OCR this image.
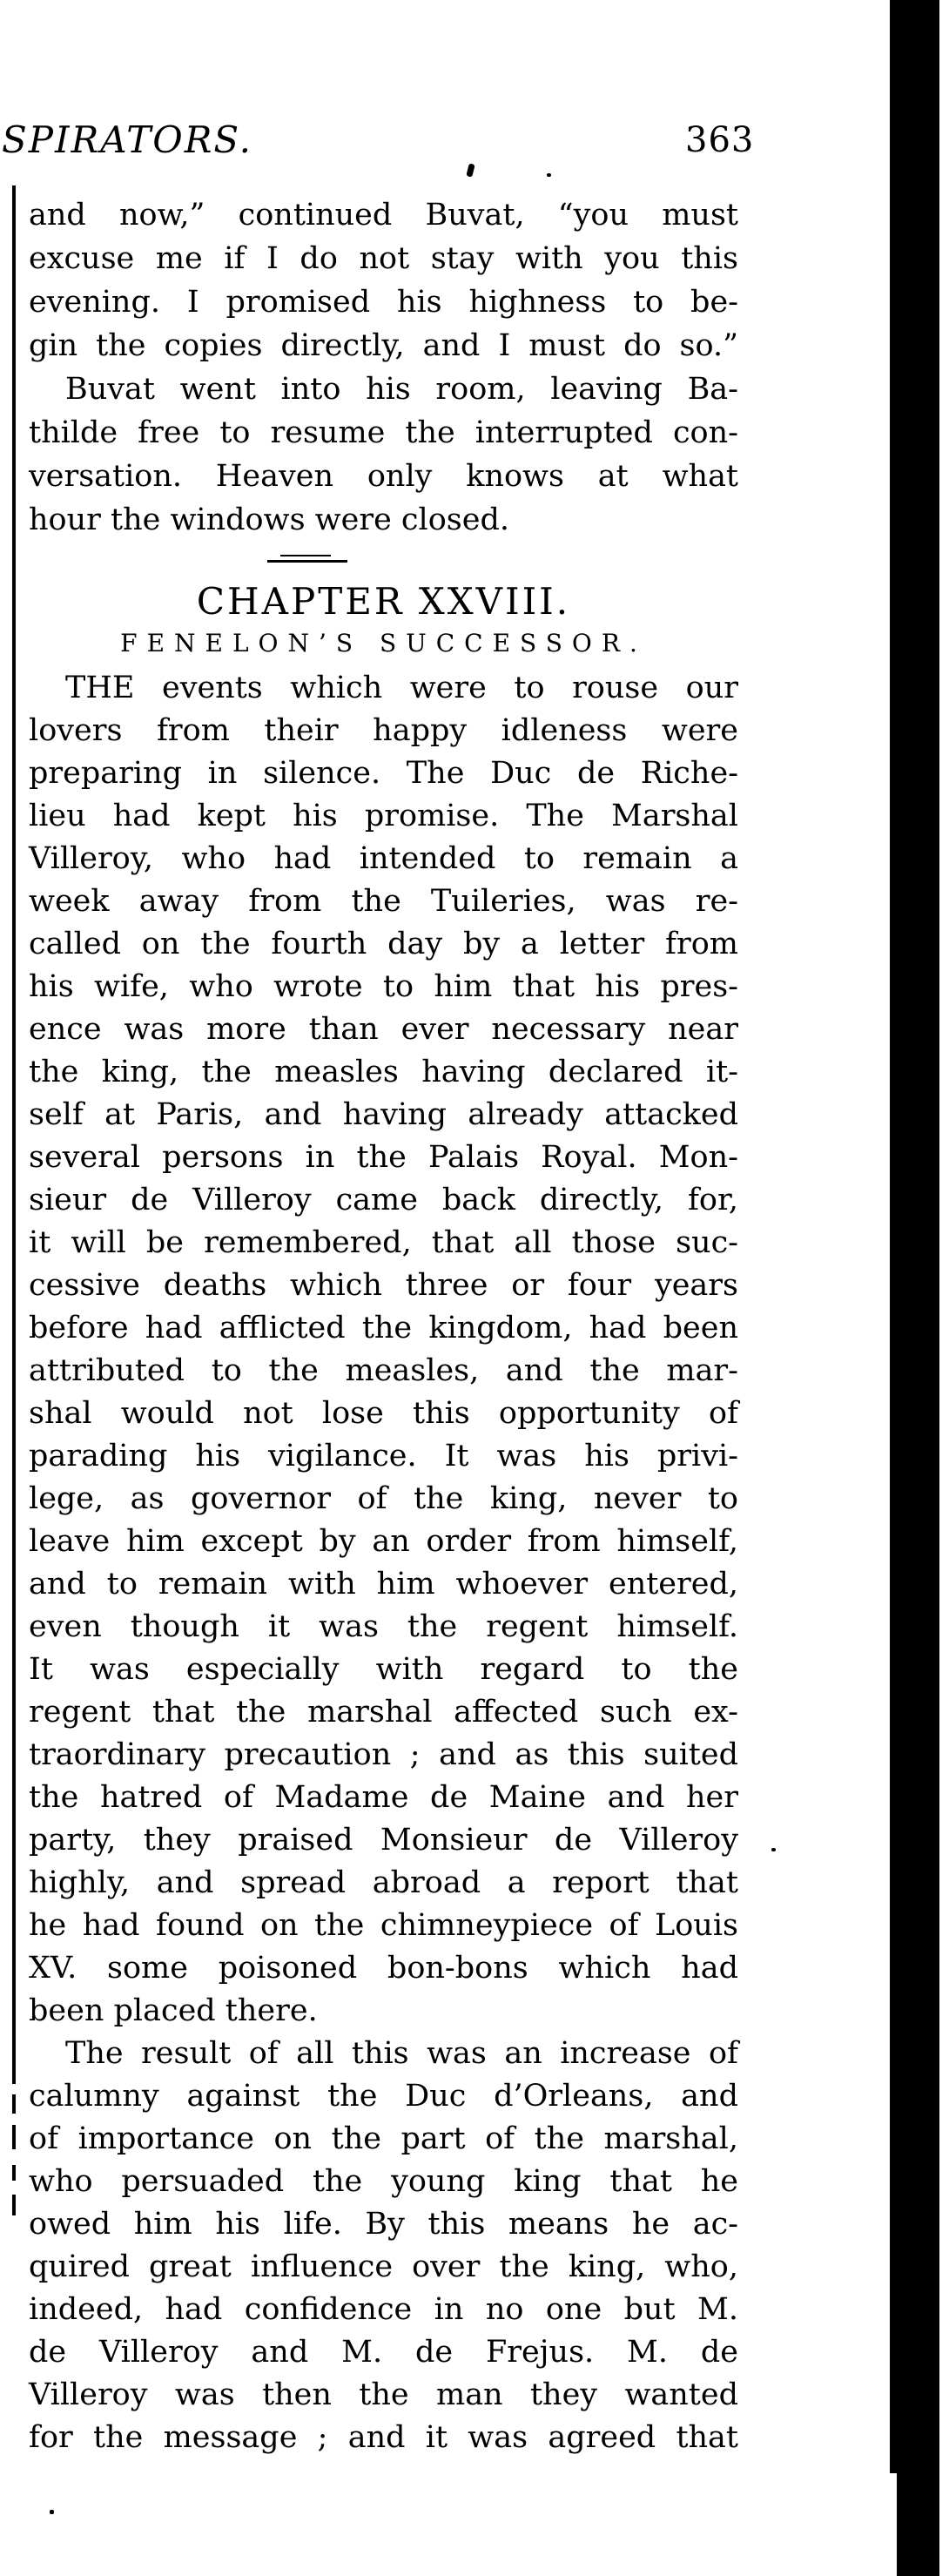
SPIRATORS.	363
and now,” continued Buvat, “you must
excuse me if I do not stay with you this
evening. I promised his highness to be-
gin the copies directly, and I must do so.”
Buvat went into his room, leaving Ba-
thilde free to resume the interrupted con-
versation. Heaven only knows at what
hour the windows were closed.
CHAPTER XXVIII.
FENELON’S SUCCESSOR.
THE events which were to rouse our
lovers from their happy idleness were
preparing in silence. The Duc de Riche-
lieu had kept his promise. The Marshal
Villeroy, who had intended to remain a
week away from the Tuileries, was re-
called on the fourth day by a letter from
his wife, who wrote to him that his pres-
ence was more than ever necessary near
the king, the measles having declared it-
self at Paris, and having already attacked
several persons in the Palais Royal. Mon-
sieur de Villeroy came back directly, for,
it will be remembered, that all those suc-
cessive deaths which three or four years
before had afflicted the kingdom, had been
attributed to the measles, and the mar-
shal would not lose this opportunity of
parading his vigilance. It was his privi-
lege, as governor of the king, never to
leave him except by an order from himself,
and to remain with him whoever entered,
even though it was the regent himself.
It was especially with regard to the
regent that the marshal affected such ex-
traordinary precaution ; and as this suited
the hatred of Madame de Maine and her
party, they praised Monsieur de Villeroy
highly, and spread abroad a report that
he had found on the chimneypiece of Louis
XV. some poisoned bon-bons which had
been placed there.
The result of all this was an increase of
calumny against the Duc d’Orleans, and
of importance on the part of the marshal,
who persuaded the young king that he
owed him his life. By this means he ac-
quired great influence over the king, who,
indeed, had confidence in no one but M.
de Villeroy and M. de Frejus. M. de
Villeroy was then the man they wanted
for the message ; and it was agreed that
